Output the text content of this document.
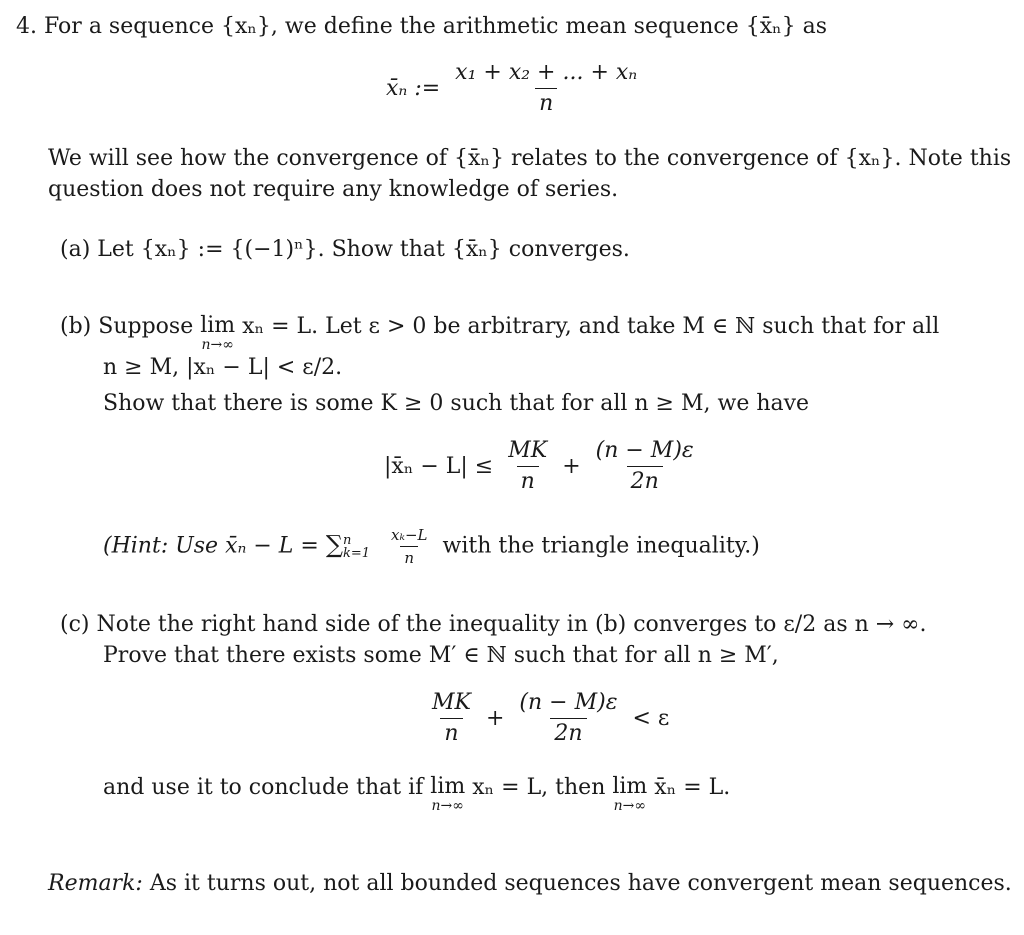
4. For a sequence {xₙ}, we define the arithmetic mean sequence {x̄ₙ} as
x̄ₙ := $\frac{\text{x₁ + x₂ + ... + xₙ}}{n}$
We will see how the convergence of {x̄ₙ} relates to the convergence of {xₙ}. Note this
question does not require any knowledge of series.
(a) Let {xₙ} := {(−1)ⁿ}. Show that {x̄ₙ} converges.
(b) Suppose lim
n→∞
xₙ = L. Let ε > 0 be arbitrary, and take M ∈ ℕ such that for all
n ≥ M, |xₙ − L| < ε/2.
Show that there is some K ≥ 0 such that for all n ≥ M, we have
|x̄ₙ − $L| \le \frac{MK}{n} + \frac{(n - M)\varepsilon}{2n}$
(Hint: Use x̄ₙ − L = ∑ n
k=1
$\frac{\text{xₖ−L}}{n}$ with the triangle inequality.)
(c) Note the right hand side of the inequality in (b) converges to ε/2 as n → ∞.
Prove that there exists some M′ ∈ ℕ such that for all n ≥ M′,
$\frac{MK}{n} + \frac{(n - M)\varepsilon}{2n} < \varepsilon$
and use it to conclude that if lim
n→∞
xₙ = L, then lim
n→∞
x̄ₙ = L.
Remark: As it turns out, not all bounded sequences have convergent mean sequences.
